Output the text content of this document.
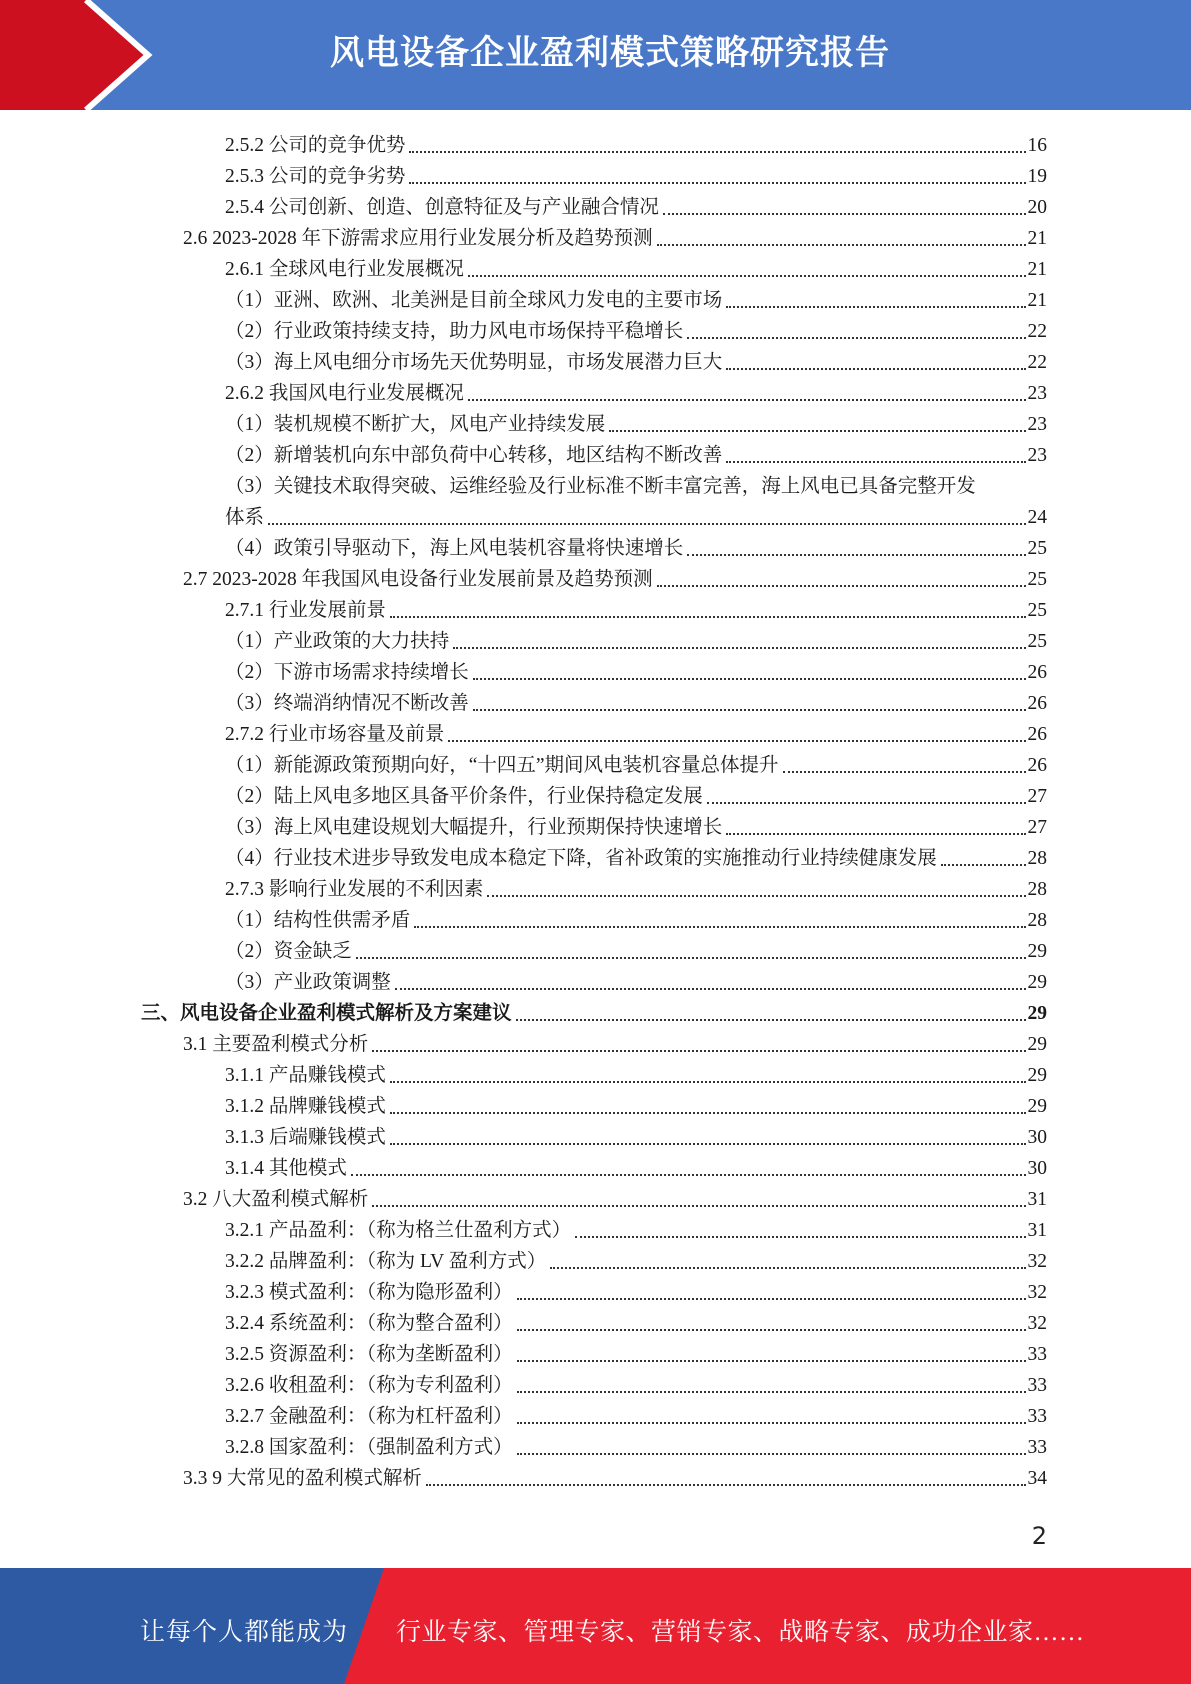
风电设备企业盈利模式策略研究报告
2.5.2 公司的竞争优势	16
2.5.3 公司的竞争劣势	19
2.5.4 公司创新、创造、创意特征及与产业融合情况	20
2.6 2023-2028 年下游需求应用行业发展分析及趋势预测	21
2.6.1 全球风电行业发展概况	21
（1）亚洲、欧洲、北美洲是目前全球风力发电的主要市场	21
（2）行业政策持续支持，助力风电市场保持平稳增长	22
（3）海上风电细分市场先天优势明显，市场发展潜力巨大	22
2.6.2 我国风电行业发展概况	23
（1）装机规模不断扩大，风电产业持续发展	23
（2）新增装机向东中部负荷中心转移，地区结构不断改善	23
（3）关键技术取得突破、运维经验及行业标准不断丰富完善，海上风电已具备完整开发
体系	24
（4）政策引导驱动下，海上风电装机容量将快速增长	25
2.7 2023-2028 年我国风电设备行业发展前景及趋势预测	25
2.7.1 行业发展前景	25
（1）产业政策的大力扶持	25
（2）下游市场需求持续增长	26
（3）终端消纳情况不断改善	26
2.7.2 行业市场容量及前景	26
（1）新能源政策预期向好，“十四五”期间风电装机容量总体提升	26
（2）陆上风电多地区具备平价条件，行业保持稳定发展	27
（3）海上风电建设规划大幅提升，行业预期保持快速增长	27
（4）行业技术进步导致发电成本稳定下降，省补政策的实施推动行业持续健康发展	28
2.7.3 影响行业发展的不利因素	28
（1）结构性供需矛盾	28
（2）资金缺乏	29
（3）产业政策调整	29
三、风电设备企业盈利模式解析及方案建议	29
3.1 主要盈利模式分析	29
3.1.1 产品赚钱模式	29
3.1.2 品牌赚钱模式	29
3.1.3 后端赚钱模式	30
3.1.4 其他模式	30
3.2 八大盈利模式解析	31
3.2.1 产品盈利：（称为格兰仕盈利方式）	31
3.2.2 品牌盈利：（称为 LV 盈利方式）	32
3.2.3 模式盈利：（称为隐形盈利）	32
3.2.4 系统盈利：（称为整合盈利）	32
3.2.5 资源盈利：（称为垄断盈利）	33
3.2.6 收租盈利：（称为专利盈利）	33
3.2.7 金融盈利：（称为杠杆盈利）	33
3.2.8 国家盈利：（强制盈利方式）	33
3.3 9 大常见的盈利模式解析	34
2
让每个人都能成为 行业专家、管理专家、营销专家、战略专家、成功企业家……
